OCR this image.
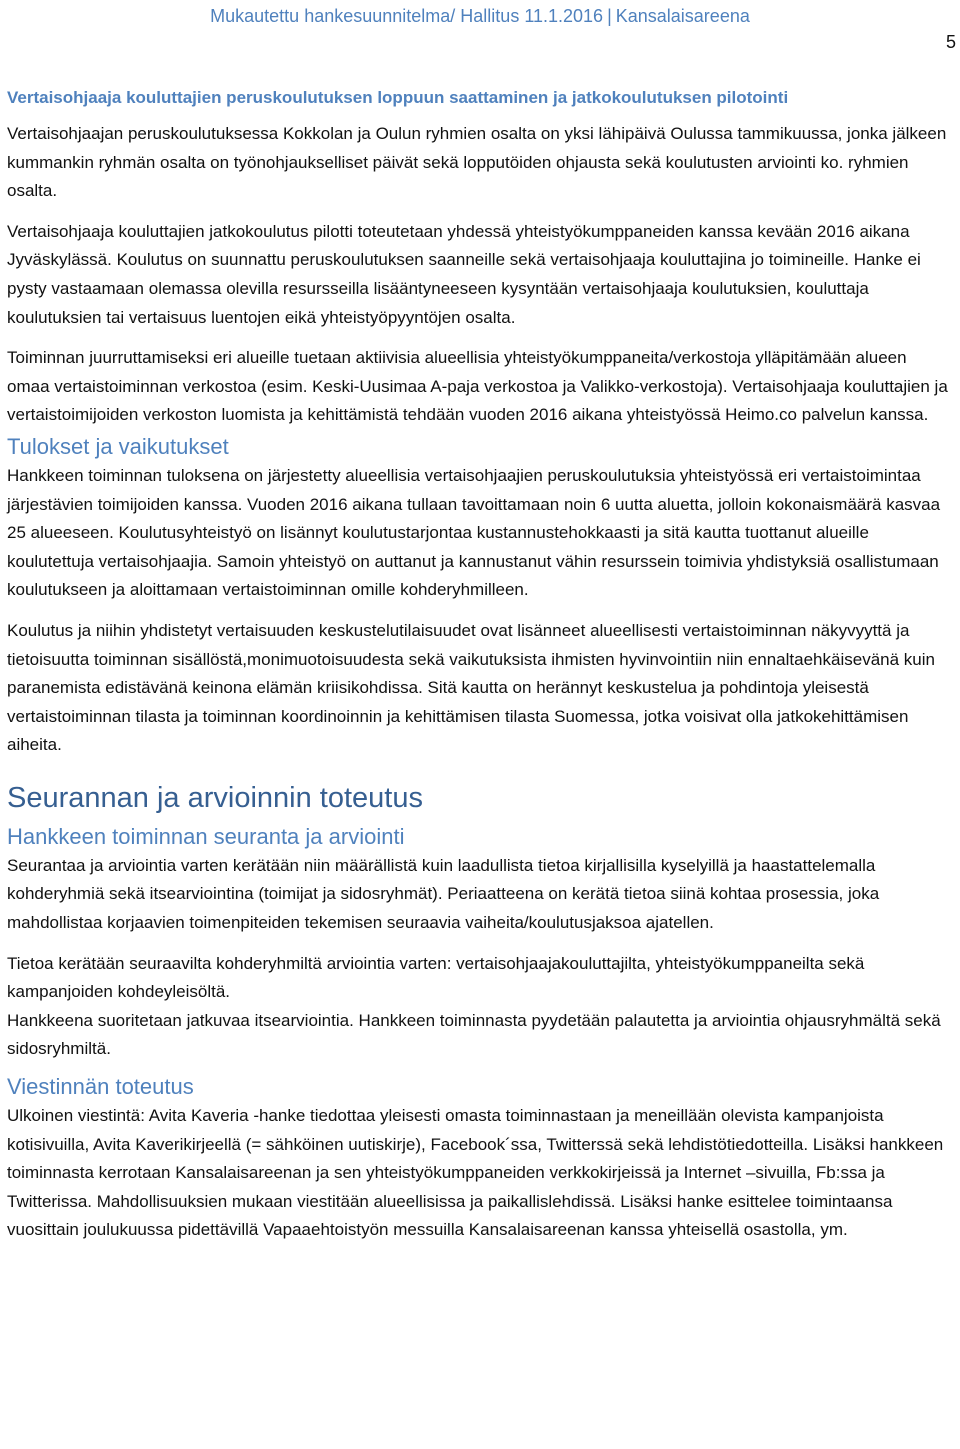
Mukautettu hankesuunnitelma/ Hallitus 11.1.2016 | Kansalaisareena
5
Vertaisohjaaja kouluttajien peruskoulutuksen loppuun saattaminen ja jatkokoulutuksen pilotointi

Vertaisohjaajan peruskoulutuksessa Kokkolan ja Oulun ryhmien osalta on yksi lähipäivä Oulussa tammikuussa, jonka jälkeen kummankin ryhmän osalta on työnohjaukselliset päivät sekä lopputöiden ohjausta sekä koulutusten arviointi ko. ryhmien osalta.

Vertaisohjaaja kouluttajien jatkokoulutus pilotti toteutetaan yhdessä yhteistyökumppaneiden kanssa kevään 2016 aikana Jyväskylässä. Koulutus on suunnattu peruskoulutuksen saanneille sekä vertaisohjaaja kouluttajina jo toimineille. Hanke ei pysty vastaamaan olemassa olevilla resursseilla lisääntyneeseen kysyntään vertaisohjaaja koulutuksien, kouluttaja koulutuksien tai vertaisuus luentojen eikä yhteistyöpyyntöjen osalta.

Toiminnan juurruttamiseksi eri alueille tuetaan aktiivisia alueellisia yhteistyökumppaneita/verkostoja ylläpitämään alueen omaa vertaistoiminnan verkostoa (esim. Keski-Uusimaa A-paja verkostoa ja Valikko-verkostoja). Vertaisohjaaja kouluttajien ja vertaistoimijoiden verkoston luomista ja kehittämistä tehdään vuoden 2016 aikana yhteistyössä Heimo.co palvelun kanssa.

Tulokset ja vaikutukset

Hankkeen toiminnan tuloksena on järjestetty alueellisia vertaisohjaajien peruskoulutuksia yhteistyössä eri vertaistoimintaa järjestävien toimijoiden kanssa. Vuoden 2016 aikana tullaan tavoittamaan noin 6 uutta aluetta, jolloin kokonaismäärä kasvaa 25 alueeseen. Koulutusyhteistyö on lisännyt koulutustarjontaa kustannustehokkaasti ja sitä kautta tuottanut alueille koulutettuja vertaisohjaajia. Samoin yhteistyö on auttanut ja kannustanut vähin resurssein toimivia yhdistyksiä osallistumaan koulutukseen ja aloittamaan vertaistoiminnan omille kohderyhmilleen.

Koulutus ja niihin yhdistetyt vertaisuuden keskustelutilaisuudet ovat lisänneet alueellisesti vertaistoiminnan näkyvyyttä ja tietoisuutta toiminnan sisällöstä,monimuotoisuudesta sekä vaikutuksista ihmisten hyvinvointiin niin ennaltaehkäisevänä kuin paranemista edistävänä keinona elämän kriisikohdissa. Sitä kautta on herännyt keskustelua ja pohdintoja yleisestä vertaistoiminnan tilasta ja toiminnan koordinoinnin ja kehittämisen tilasta Suomessa, jotka voisivat olla jatkokehittämisen aiheita.

Seurannan ja arvioinnin toteutus
Hankkeen toiminnan seuranta ja arviointi

Seurantaa ja arviointia varten kerätään niin määrällistä kuin laadullista tietoa kirjallisilla kyselyillä ja haastattelemalla kohderyhmiä sekä itsearviointina (toimijat ja sidosryhmät). Periaatteena on kerätä tietoa siinä kohtaa prosessia, joka mahdollistaa korjaavien toimenpiteiden tekemisen seuraavia vaiheita/koulutusjaksoa ajatellen.

Tietoa kerätään seuraavilta kohderyhmiltä arviointia varten: vertaisohjaajakouluttajilta, yhteistyökumppaneilta sekä kampanjoiden kohdeyleisöltä.

Hankkeena suoritetaan jatkuvaa itsearviointia. Hankkeen toiminnasta pyydetään palautetta ja arviointia ohjausryhmältä sekä sidosryhmiltä.

Viestinnän toteutus

Ulkoinen viestintä: Avita Kaveria -hanke tiedottaa yleisesti omasta toiminnastaan ja meneillään olevista kampanjoista kotisivuilla, Avita Kaverikirjeellä (= sähköinen uutiskirje), Facebook´ssa, Twitterssä sekä lehdistötiedotteilla. Lisäksi hankkeen toiminnasta kerrotaan Kansalaisareenan ja sen yhteistyökumppaneiden verkkokirjeissä ja Internet –sivuilla, Fb:ssa ja Twitterissa. Mahdollisuuksien mukaan viestitään alueellisissa ja paikallislehdissä. Lisäksi hanke esittelee toimintaansa vuosittain joulukuussa pidettävillä Vapaaehtoistyön messuilla Kansalaisareenan kanssa yhteisellä osastolla, ym.
